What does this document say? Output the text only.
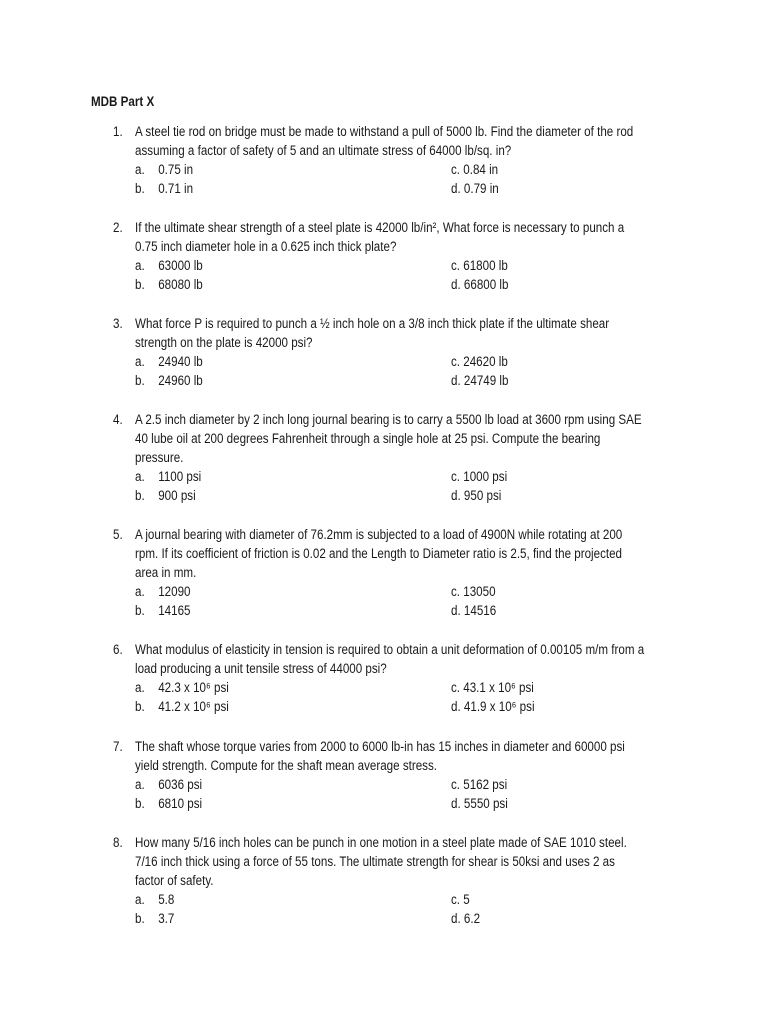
MDB Part X
1. A steel tie rod on bridge must be made to withstand a pull of 5000 lb. Find the diameter of the rod
assuming a factor of safety of 5 and an ultimate stress of 64000 lb/sq. in?
a. 0.75 in	c. 0.84 in
b. 0.71 in	d. 0.79 in
2. If the ultimate shear strength of a steel plate is 42000 lb/in², What force is necessary to punch a
0.75 inch diameter hole in a 0.625 inch thick plate?
a. 63000 lb	c. 61800 lb
b. 68080 lb	d. 66800 lb
3. What force P is required to punch a ½ inch hole on a 3/8 inch thick plate if the ultimate shear
strength on the plate is 42000 psi?
a. 24940 lb	c. 24620 lb
b. 24960 lb	d. 24749 lb
4. A 2.5 inch diameter by 2 inch long journal bearing is to carry a 5500 lb load at 3600 rpm using SAE
40 lube oil at 200 degrees Fahrenheit through a single hole at 25 psi. Compute the bearing
pressure.
a. 1100 psi	c. 1000 psi
b. 900 psi	d. 950 psi
5. A journal bearing with diameter of 76.2mm is subjected to a load of 4900N while rotating at 200
rpm. If its coefficient of friction is 0.02 and the Length to Diameter ratio is 2.5, find the projected
area in mm.
a. 12090	c. 13050
b. 14165	d. 14516
6. What modulus of elasticity in tension is required to obtain a unit deformation of 0.00105 m/m from a
load producing a unit tensile stress of 44000 psi?
a. 42.3 x 10⁶ psi	c. 43.1 x 10⁶ psi
b. 41.2 x 10⁶ psi	d. 41.9 x 10⁶ psi
7. The shaft whose torque varies from 2000 to 6000 lb-in has 15 inches in diameter and 60000 psi
yield strength. Compute for the shaft mean average stress.
a. 6036 psi	c. 5162 psi
b. 6810 psi	d. 5550 psi
8. How many 5/16 inch holes can be punch in one motion in a steel plate made of SAE 1010 steel.
7/16 inch thick using a force of 55 tons. The ultimate strength for shear is 50ksi and uses 2 as
factor of safety.
a. 5.8	c. 5
b. 3.7	d. 6.2
